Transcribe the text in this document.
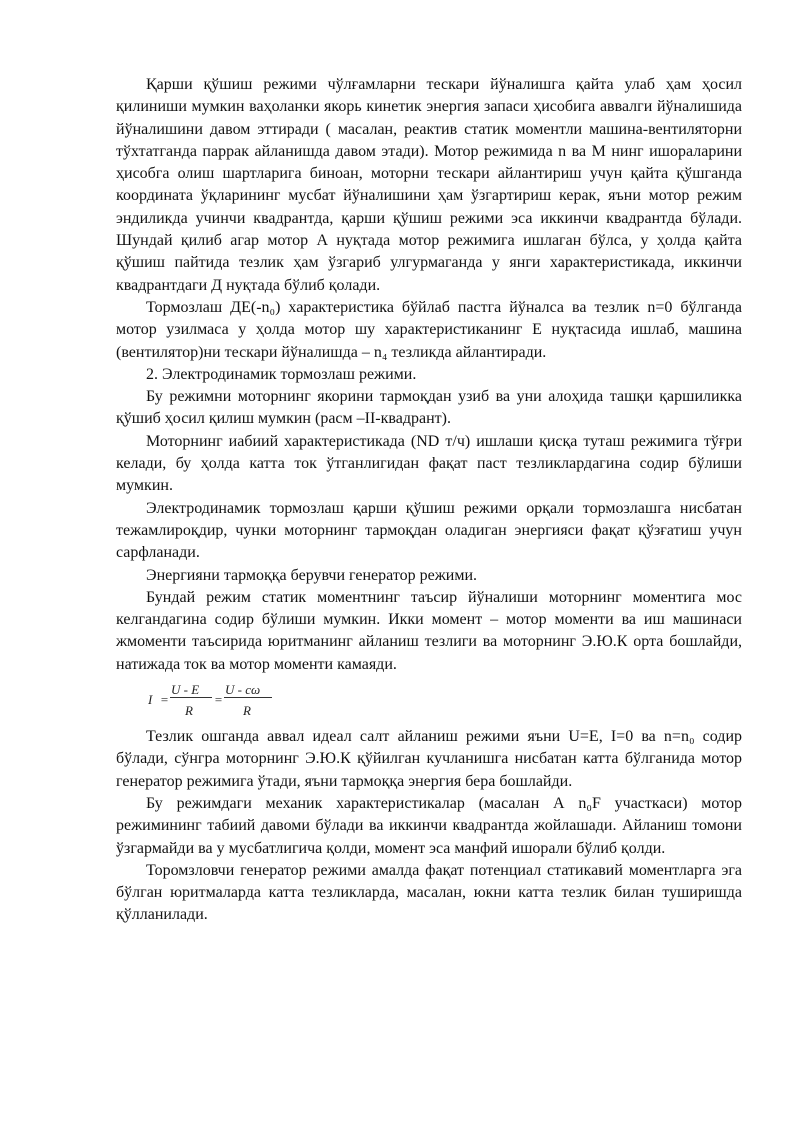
Қарши қўшиш режими чўлғамларни тескари йўналишга қайта улаб ҳам ҳосил қилиниши мумкин ваҳоланки якорь кинетик энергия запаси ҳисобига аввалги йўналишида йўналишини давом эттиради ( масалан, реактив статик моментли машина-вентиляторни тўхтатганда паррак айланишда давом этади). Мотор режимида n ва M нинг ишораларини ҳисобга олиш шартларига биноан, моторни тескари айлантириш учун қайта қўшганда координата ўқларининг мусбат йўналишини ҳам ўзгартириш керак, яъни мотор режим эндиликда учинчи квадрантда, қарши қўшиш режими эса иккинчи квадрантда бўлади. Шундай қилиб агар мотор А нуқтада мотор режимига ишлаган бўлса, у ҳолда қайта қўшиш пайтида тезлик ҳам ўзгариб улгурмаганда у янги характеристикада, иккинчи квадрантдаги Д нуқтада бўлиб қолади.

Тормозлаш ДЕ(-n₀) характеристика бўйлаб пастга йўналса ва тезлик n=0 бўлганда мотор узилмаса у ҳолда мотор шу характеристиканинг Е нуқтасида ишлаб, машина (вентилятор)ни тескари йўналишда – n₄ тезликда айлантиради.

2. Электродинамик тормозлаш режими.

Бу режимни моторнинг якорини тармоқдан узиб ва уни алоҳида ташқи қаршиликка қўшиб ҳосил қилиш мумкин (расм –II-квадрант).

Моторнинг иабиий характеристикада (ND т/ч) ишлаши қисқа туташ режимига тўғри келади, бу ҳолда катта ток ўтганлигидан фақат паст тезликлардагина содир бўлиши мумкин.

Электродинамик тормозлаш қарши қўшиш режими орқали тормозлашга нисбатан тежамлироқдир, чунки моторнинг тармоқдан оладиган энергияси фақат қўзғатиш учун сарфланади.

Энергияни тармоққа берувчи генератор режими.

Бундай режим статик моментнинг таъсир йўналиши моторнинг моментига мос келгандагина содир бўлиши мумкин. Икки момент – мотор моменти ва иш машинаси жмоменти таъсирида юритманинг айланиш тезлиги ва моторнинг Э.Ю.К орта бошлайди, натижада ток ва мотор моменти камаяди.

I =
U - E
R
=
U - cω
R

Тезлик ошганда аввал идеал салт айланиш режими яъни U=E, I=0 ва n=n₀ содир бўлади, сўнгра моторнинг Э.Ю.К қўйилган кучланишга нисбатан катта бўлганида мотор генератор режимига ўтади, яъни тармоққа энергия бера бошлайди.

Бу режимдаги механик характеристикалар (масалан А n₀F участкаси) мотор режимининг табиий давоми бўлади ва иккинчи квадрантда жойлашади. Айланиш томони ўзгармайди ва у мусбатлигича қолди, момент эса манфий ишорали бўлиб қолди.

Торомзловчи генератор режими амалда фақат потенциал статикавий моментларга эга бўлган юритмаларда катта тезликларда, масалан, юкни катта тезлик билан туширишда қўлланилади.
